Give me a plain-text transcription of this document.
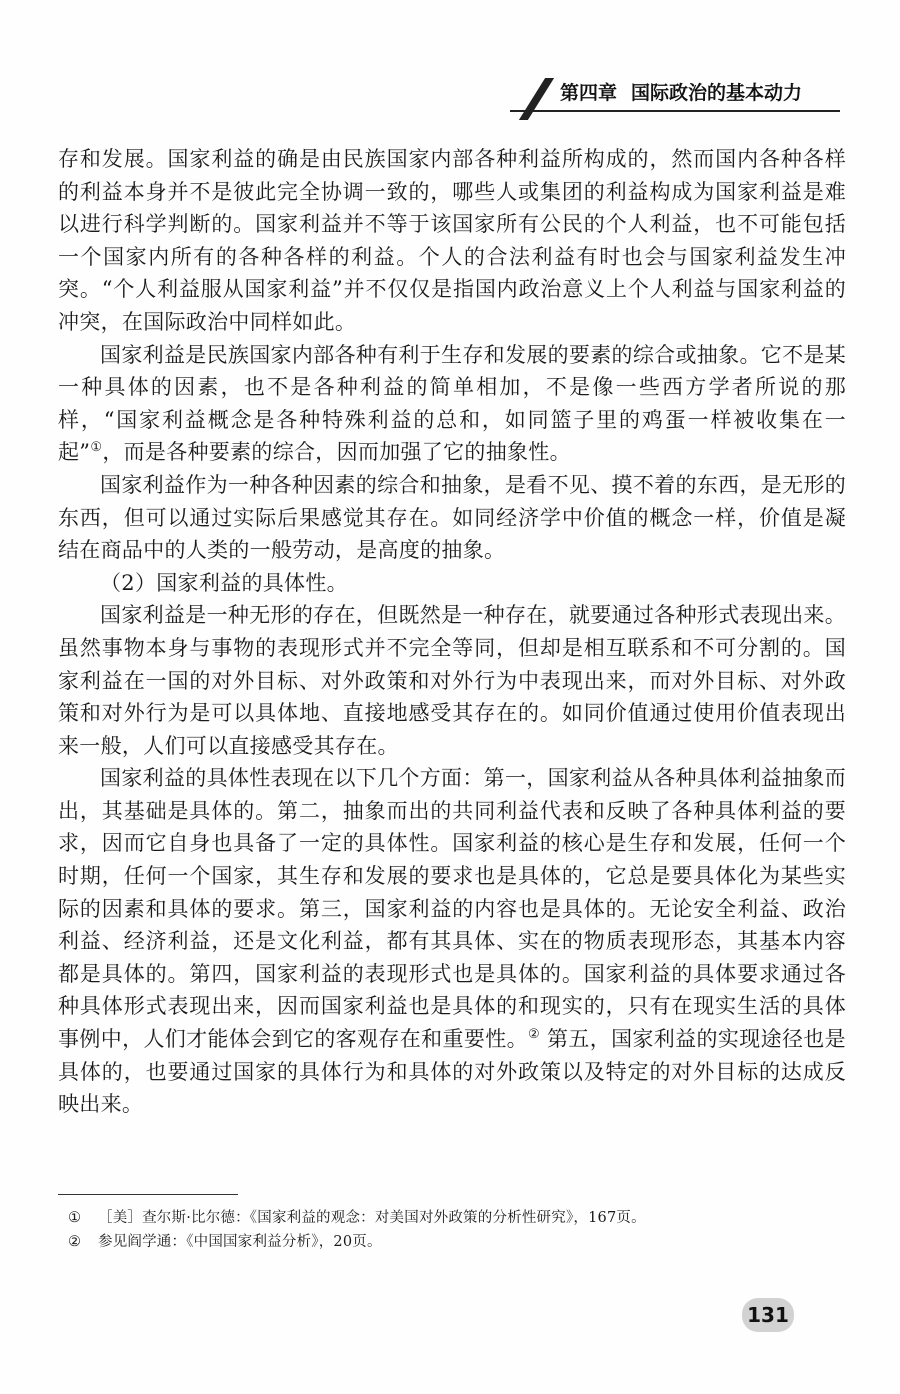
第四章 国际政治的基本动力

存和发展。国家利益的确是由民族国家内部各种利益所构成的，然而国内各种各样的利益本身并不是彼此完全协调一致的，哪些人或集团的利益构成为国家利益是难以进行科学判断的。国家利益并不等于该国家所有公民的个人利益，也不可能包括一个国家内所有的各种各样的利益。个人的合法利益有时也会与国家利益发生冲突。“个人利益服从国家利益”并不仅仅是指国内政治意义上个人利益与国家利益的冲突，在国际政治中同样如此。

国家利益是民族国家内部各种有利于生存和发展的要素的综合或抽象。它不是某一种具体的因素，也不是各种利益的简单相加，不是像一些西方学者所说的那样，“国家利益概念是各种特殊利益的总和，如同篮子里的鸡蛋一样被收集在一起”①，而是各种要素的综合，因而加强了它的抽象性。

国家利益作为一种各种因素的综合和抽象，是看不见、摸不着的东西，是无形的东西，但可以通过实际后果感觉其存在。如同经济学中价值的概念一样，价值是凝结在商品中的人类的一般劳动，是高度的抽象。

（2）国家利益的具体性。

国家利益是一种无形的存在，但既然是一种存在，就要通过各种形式表现出来。虽然事物本身与事物的表现形式并不完全等同，但却是相互联系和不可分割的。国家利益在一国的对外目标、对外政策和对外行为中表现出来，而对外目标、对外政策和对外行为是可以具体地、直接地感受其存在的。如同价值通过使用价值表现出来一般，人们可以直接感受其存在。

国家利益的具体性表现在以下几个方面：第一，国家利益从各种具体利益抽象而出，其基础是具体的。第二，抽象而出的共同利益代表和反映了各种具体利益的要求，因而它自身也具备了一定的具体性。国家利益的核心是生存和发展，任何一个时期，任何一个国家，其生存和发展的要求也是具体的，它总是要具体化为某些实际的因素和具体的要求。第三，国家利益的内容也是具体的。无论安全利益、政治利益、经济利益，还是文化利益，都有其具体、实在的物质表现形态，其基本内容都是具体的。第四，国家利益的表现形式也是具体的。国家利益的具体要求通过各种具体形式表现出来，因而国家利益也是具体的和现实的，只有在现实生活的具体事例中，人们才能体会到它的客观存在和重要性。② 第五，国家利益的实现途径也是具体的，也要通过国家的具体行为和具体的对外政策以及特定的对外目标的达成反映出来。

① ［美］查尔斯·比尔德：《国家利益的观念：对美国对外政策的分析性研究》，167页。
② 参见阎学通：《中国国家利益分析》，20页。
131
